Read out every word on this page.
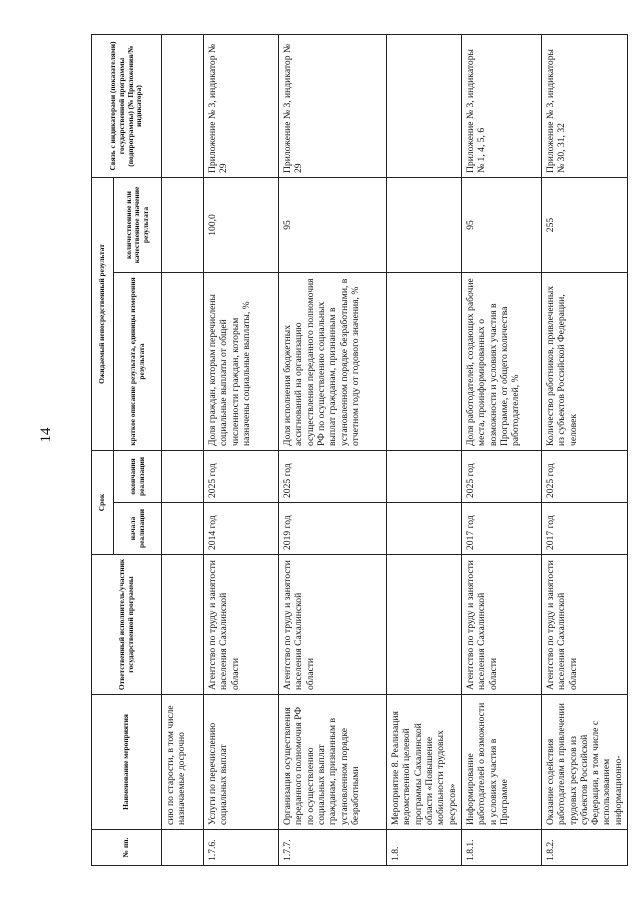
14
№ пп.	Наименование мероприятия	Ответственный исполнитель/участник государственной программы	Срок		Ожидаемый непосредственный результат		Связь с индикаторами (показателями) государственной программы (подпрограммы) (№ Приложения/№ индикатора)
			начала реализации	окончания реализации	краткое описание результата, единицы измерения результата	количественное или качественное значение результата	
	сию по старости, в том числе назначаемые досрочно						
1.7.6.	Услуги по перечислению социальных выплат	Агентство по труду и занятости населения Сахалинской области	2014 год	2025 год	Доля граждан, которым перечислены социальные выплаты от общей численности граждан, которым назначены социальные выплаты, %	100,0	Приложение № 3, индикатор № 29
1.7.7.	Организация осуществления переданного полномочия РФ по осуществлению социальных выплат гражданам, признанным в установленном порядке безработными	Агентство по труду и занятости населения Сахалинской области	2019 год	2025 год	Доля исполнения бюджетных ассигнований на организацию осуществления переданного полномочия РФ по осуществлению социальных выплат гражданам, признанным в установленном порядке безработными, в отчетном году от годового значения, %	95	Приложение № 3, индикатор № 29
1.8.	Мероприятие 8. Реализация ведомственной целевой программы Сахалинской области «Повышение мобильности трудовых ресурсов»						
1.8.1.	Информирование работодателей о возможности и условиях участия в Программе	Агентство по труду и занятости населения Сахалинской области	2017 год	2025 год	Доля работодателей, создающих рабочие места, проинформированных о возможности и условиях участия в Программе, от общего количества работодателей, %	95	Приложение № 3, индикаторы № 1, 4, 5, 6
1.8.2.	Оказание содействия работодателям в привлечении трудовых ресурсов из субъектов Российской Федерации, в том числе с использованием информационно-	Агентство по труду и занятости населения Сахалинской области	2017 год	2025 год	Количество работников, привлеченных из субъектов Российской Федерации, человек	255	Приложение № 3, индикаторы № 30, 31, 32
